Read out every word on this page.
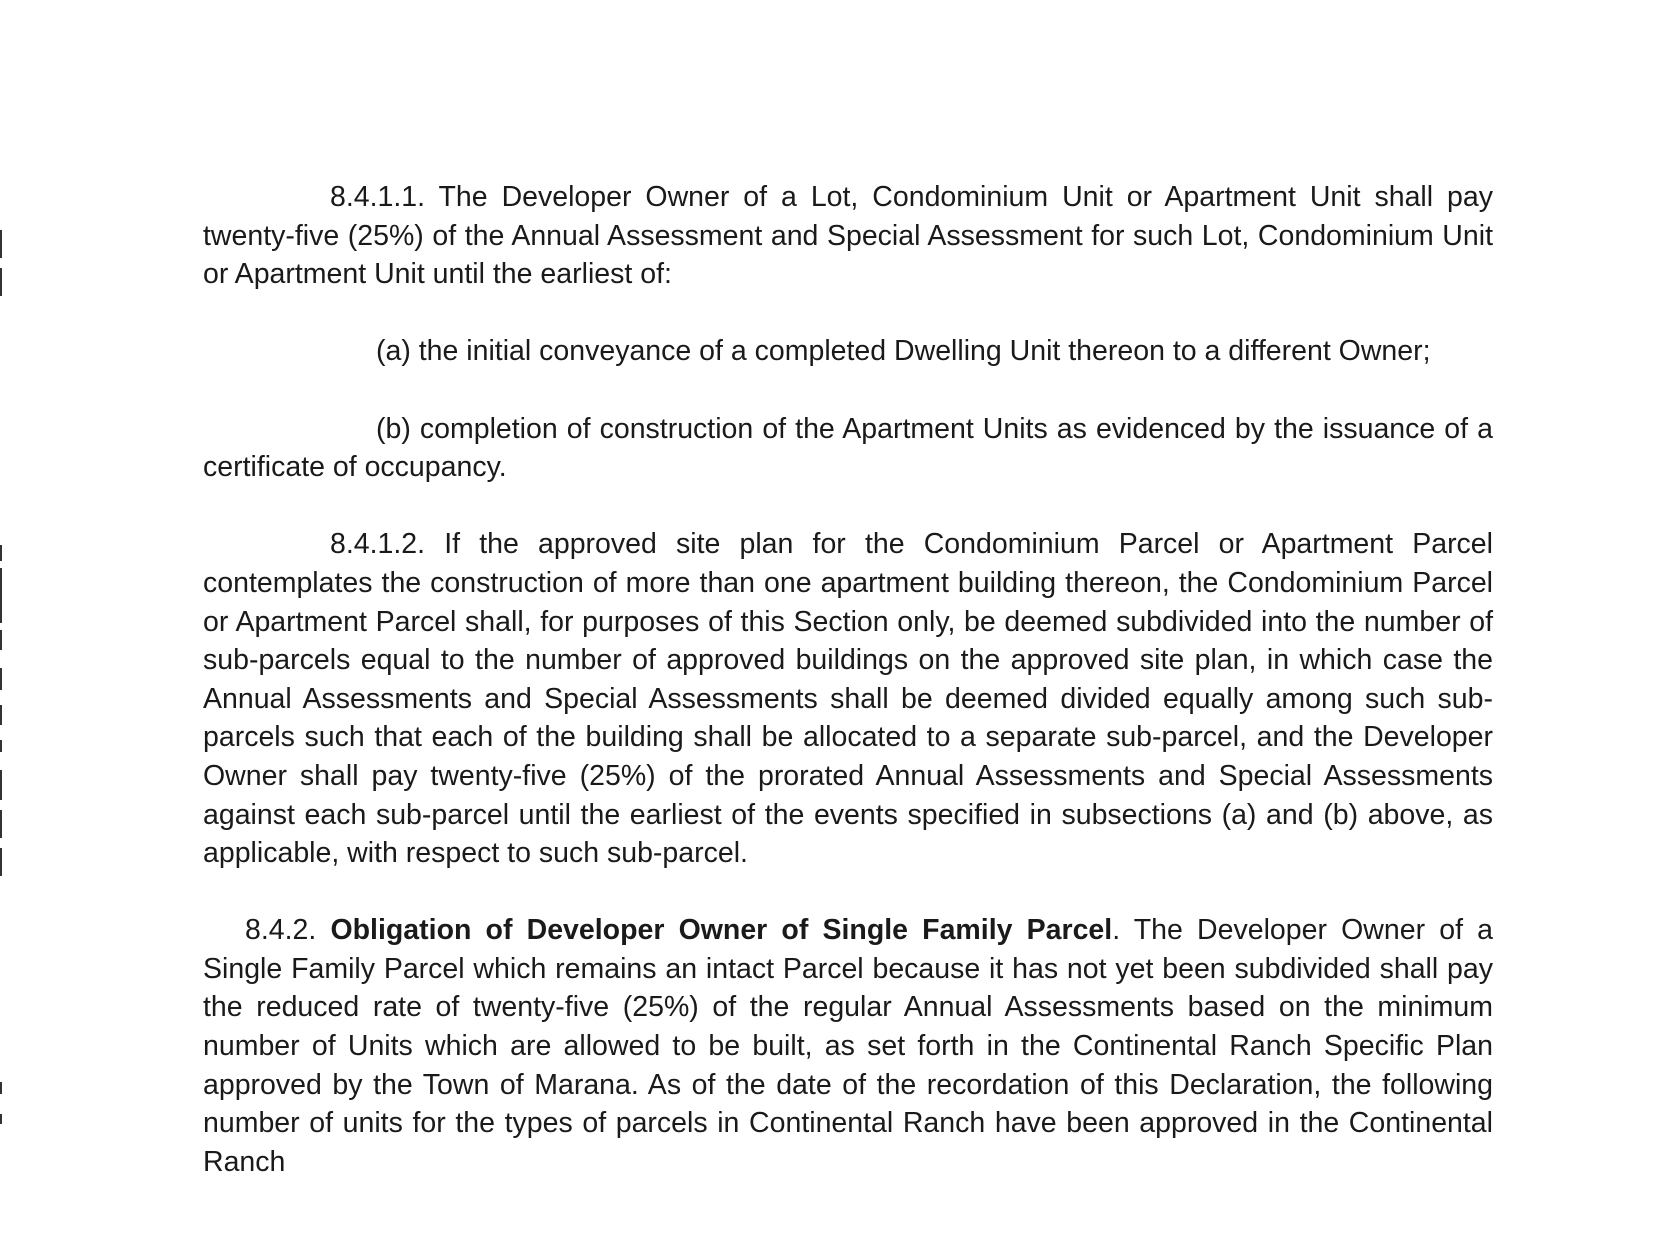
8.4.1.1. The Developer Owner of a Lot, Condominium Unit or Apartment Unit shall pay twenty-five (25%) of the Annual Assessment and Special Assessment for such Lot, Condominium Unit or Apartment Unit until the earliest of:

(a) the initial conveyance of a completed Dwelling Unit thereon to a different Owner;

(b) completion of construction of the Apartment Units as evidenced by the issuance of a certificate of occupancy.

8.4.1.2. If the approved site plan for the Condominium Parcel or Apartment Parcel contemplates the construction of more than one apartment building thereon, the Condominium Parcel or Apartment Parcel shall, for purposes of this Section only, be deemed subdivided into the number of sub-parcels equal to the number of approved buildings on the approved site plan, in which case the Annual Assessments and Special Assessments shall be deemed divided equally among such sub-parcels such that each of the building shall be allocated to a separate sub-parcel, and the Developer Owner shall pay twenty-five (25%) of the prorated Annual Assessments and Special Assessments against each sub-parcel until the earliest of the events specified in subsections (a) and (b) above, as applicable, with respect to such sub-parcel.

8.4.2. Obligation of Developer Owner of Single Family Parcel. The Developer Owner of a Single Family Parcel which remains an intact Parcel because it has not yet been subdivided shall pay the reduced rate of twenty-five (25%) of the regular Annual Assessments based on the minimum number of Units which are allowed to be built, as set forth in the Continental Ranch Specific Plan approved by the Town of Marana. As of the date of the recordation of this Declaration, the following number of units for the types of parcels in Continental Ranch have been approved in the Continental Ranch
